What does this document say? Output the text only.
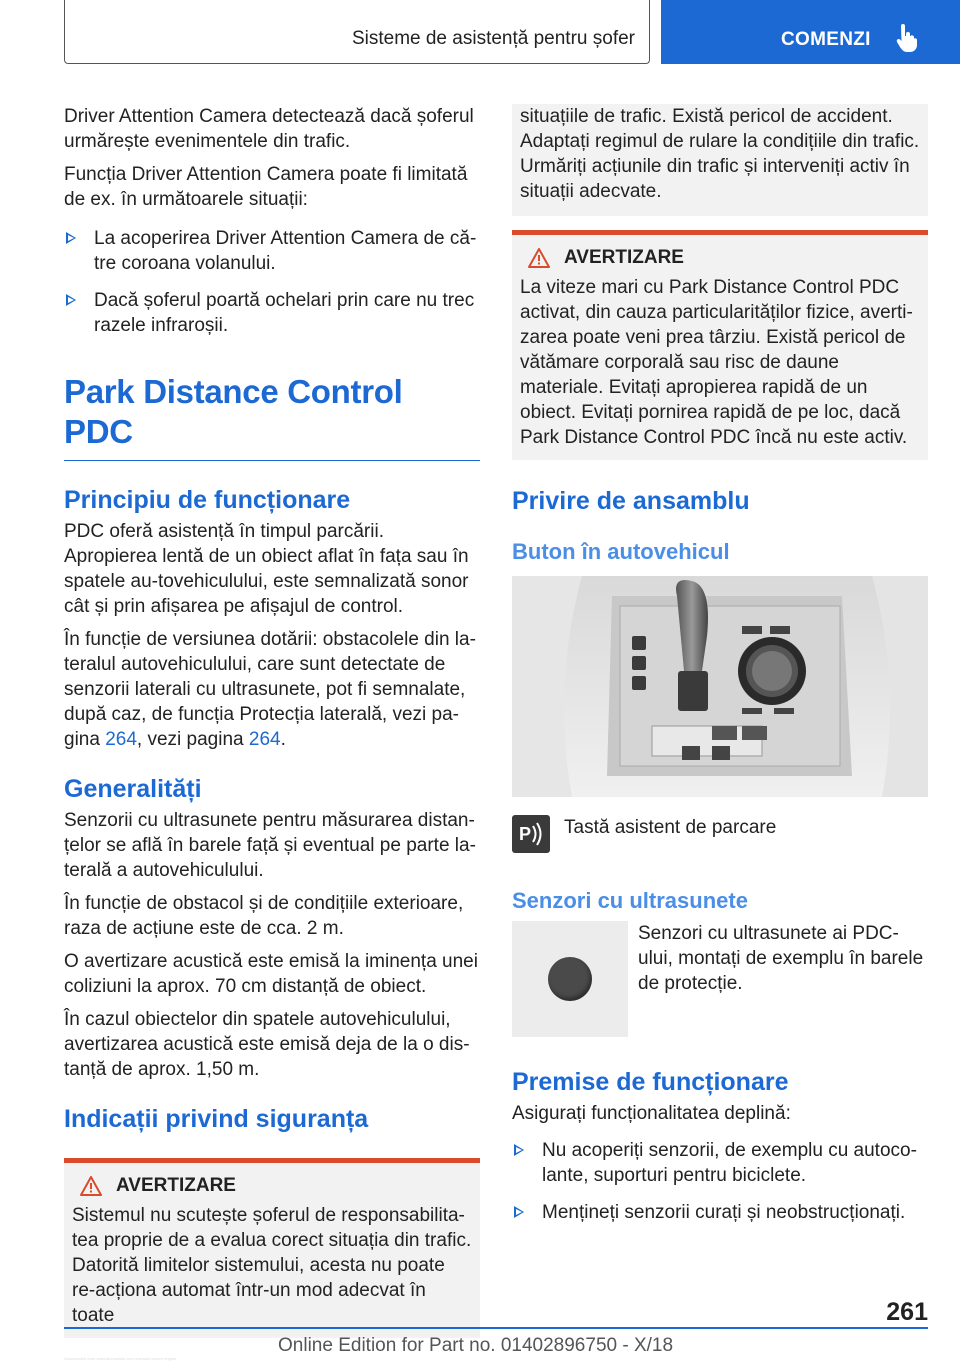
Sisteme de asistență pentru șofer	COMENZI

Driver Attention Camera detectează dacă șoferul urmărește evenimentele din trafic.

Funcția Driver Attention Camera poate fi limitată de ex. în următoarele situații:

La acoperirea Driver Attention Camera de că-tre coroana volanului.
Dacă șoferul poartă ochelari prin care nu trec razele infraroșii.
Park Distance Control PDC
Principiu de funcționare

PDC oferă asistență în timpul parcării. Apropierea lentă de un obiect aflat în fața sau în spatele au-tovehiculului, este semnalizată sonor cât și prin afișarea pe afișajul de control.

În funcție de versiunea dotării: obstacolele din la-teralul autovehiculului, care sunt detectate de senzorii laterali cu ultrasunete, pot fi semnalate, după caz, de funcția Protecția laterală, vezi pa-gina 264, vezi pagina 264.

Generalități

Senzorii cu ultrasunete pentru măsurarea distan-țelor se află în barele față și eventual pe parte la-terală a autovehiculului.

În funcție de obstacol și de condițiile exterioare, raza de acțiune este de cca. 2 m.

O avertizare acustică este emisă la iminența unei coliziuni la aprox. 70 cm distanță de obiect.

În cazul obiectelor din spatele autovehiculului, avertizarea acustică este emisă deja de la o dis-tanță de aprox. 1,50 m.

Indicații privind siguranța
AVERTIZARE

Sistemul nu scutește șoferul de responsabilita-tea proprie de a evalua corect situația din trafic. Datorită limitelor sistemului, acesta nu poate re-acționa automat într-un mod adecvat în toate

situațiile de trafic. Există pericol de accident. Adaptați regimul de rulare la condițiile din trafic. Urmăriți acțiunile din trafic și interveniți activ în situații adecvate.

AVERTIZARE

La viteze mari cu Park Distance Control PDC activat, din cauza particularităților fizice, averti-zarea poate veni prea târziu. Există pericol de vătămare corporală sau risc de daune materiale. Evitați apropierea rapidă de un obiect. Evitați pornirea rapidă de pe loc, dacă Park Distance Control PDC încă nu este activ.

Privire de ansamblu
Buton în autovehicul
P Tastă asistent de parcare
Senzori cu ultrasunete

Senzori cu ultrasunete ai PDC-ului, montați de exemplu în barele de protecție.

Premise de funcționare

Asigurați funcționalitatea deplină:

Nu acoperiți senzorii, de exemplu cu autoco-lante, suporturi pentru biciclete.
Mențineți senzorii curați și neobstrucționați.
261
Online Edition for Part no. 01402896750 - X/18
Downloaded from www.Manualslib.com manuals search engine
